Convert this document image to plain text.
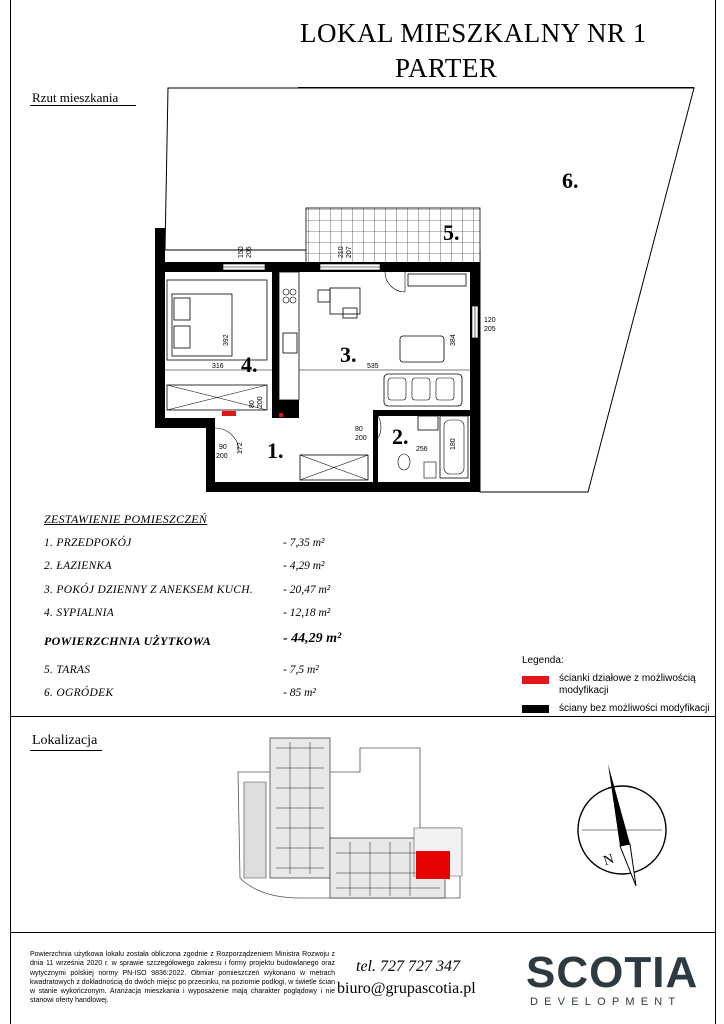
LOKAL MIESZKALNY NR 1
PARTER
Rzut mieszkania
1.
2.
3.
4.
5.
6.
150 205	210 207
120
205
392
316	535
384
80 200
90
200
172
80
200
256	180
ZESTAWIENIE POMIESZCZEŃ
1. PRZEDPOKÓJ	- 7,35 m²
2. ŁAZIENKA	- 4,29 m²
3. POKÓJ DZIENNY Z ANEKSEM KUCH.	- 20,47 m²
4. SYPIALNIA	- 12,18 m²
POWIERZCHNIA UŻYTKOWA	- 44,29 m²
5. TARAS	- 7,5 m²
6. OGRÓDEK	- 85 m²
Legenda:
ścianki działowe z możliwością modyfikacji
ściany bez możliwości modyfikacji
Lokalizacja
N
Powierzchnia użytkowa lokalu została obliczona zgodnie z Rozporządzeniem Ministra Rozwoju z dnia 11 września 2020 r. w sprawie szczegółowego zakresu i formy projektu budowlanego oraz wytycznymi polskiej normy PN-ISO 9836:2022. Obmiar pomieszczeń wykonano w metrach kwadratowych z dokładnością do dwóch miejsc po przecinku, na poziomie podłogi, w świetle ścian w stanie wykończonym. Aranżacja mieszkania i wyposażenie mają charakter poglądowy i nie stanowi oferty handlowej.
tel. 727 727 347
biuro@grupascotia.pl SCOTIA
DEVELOPMENT
